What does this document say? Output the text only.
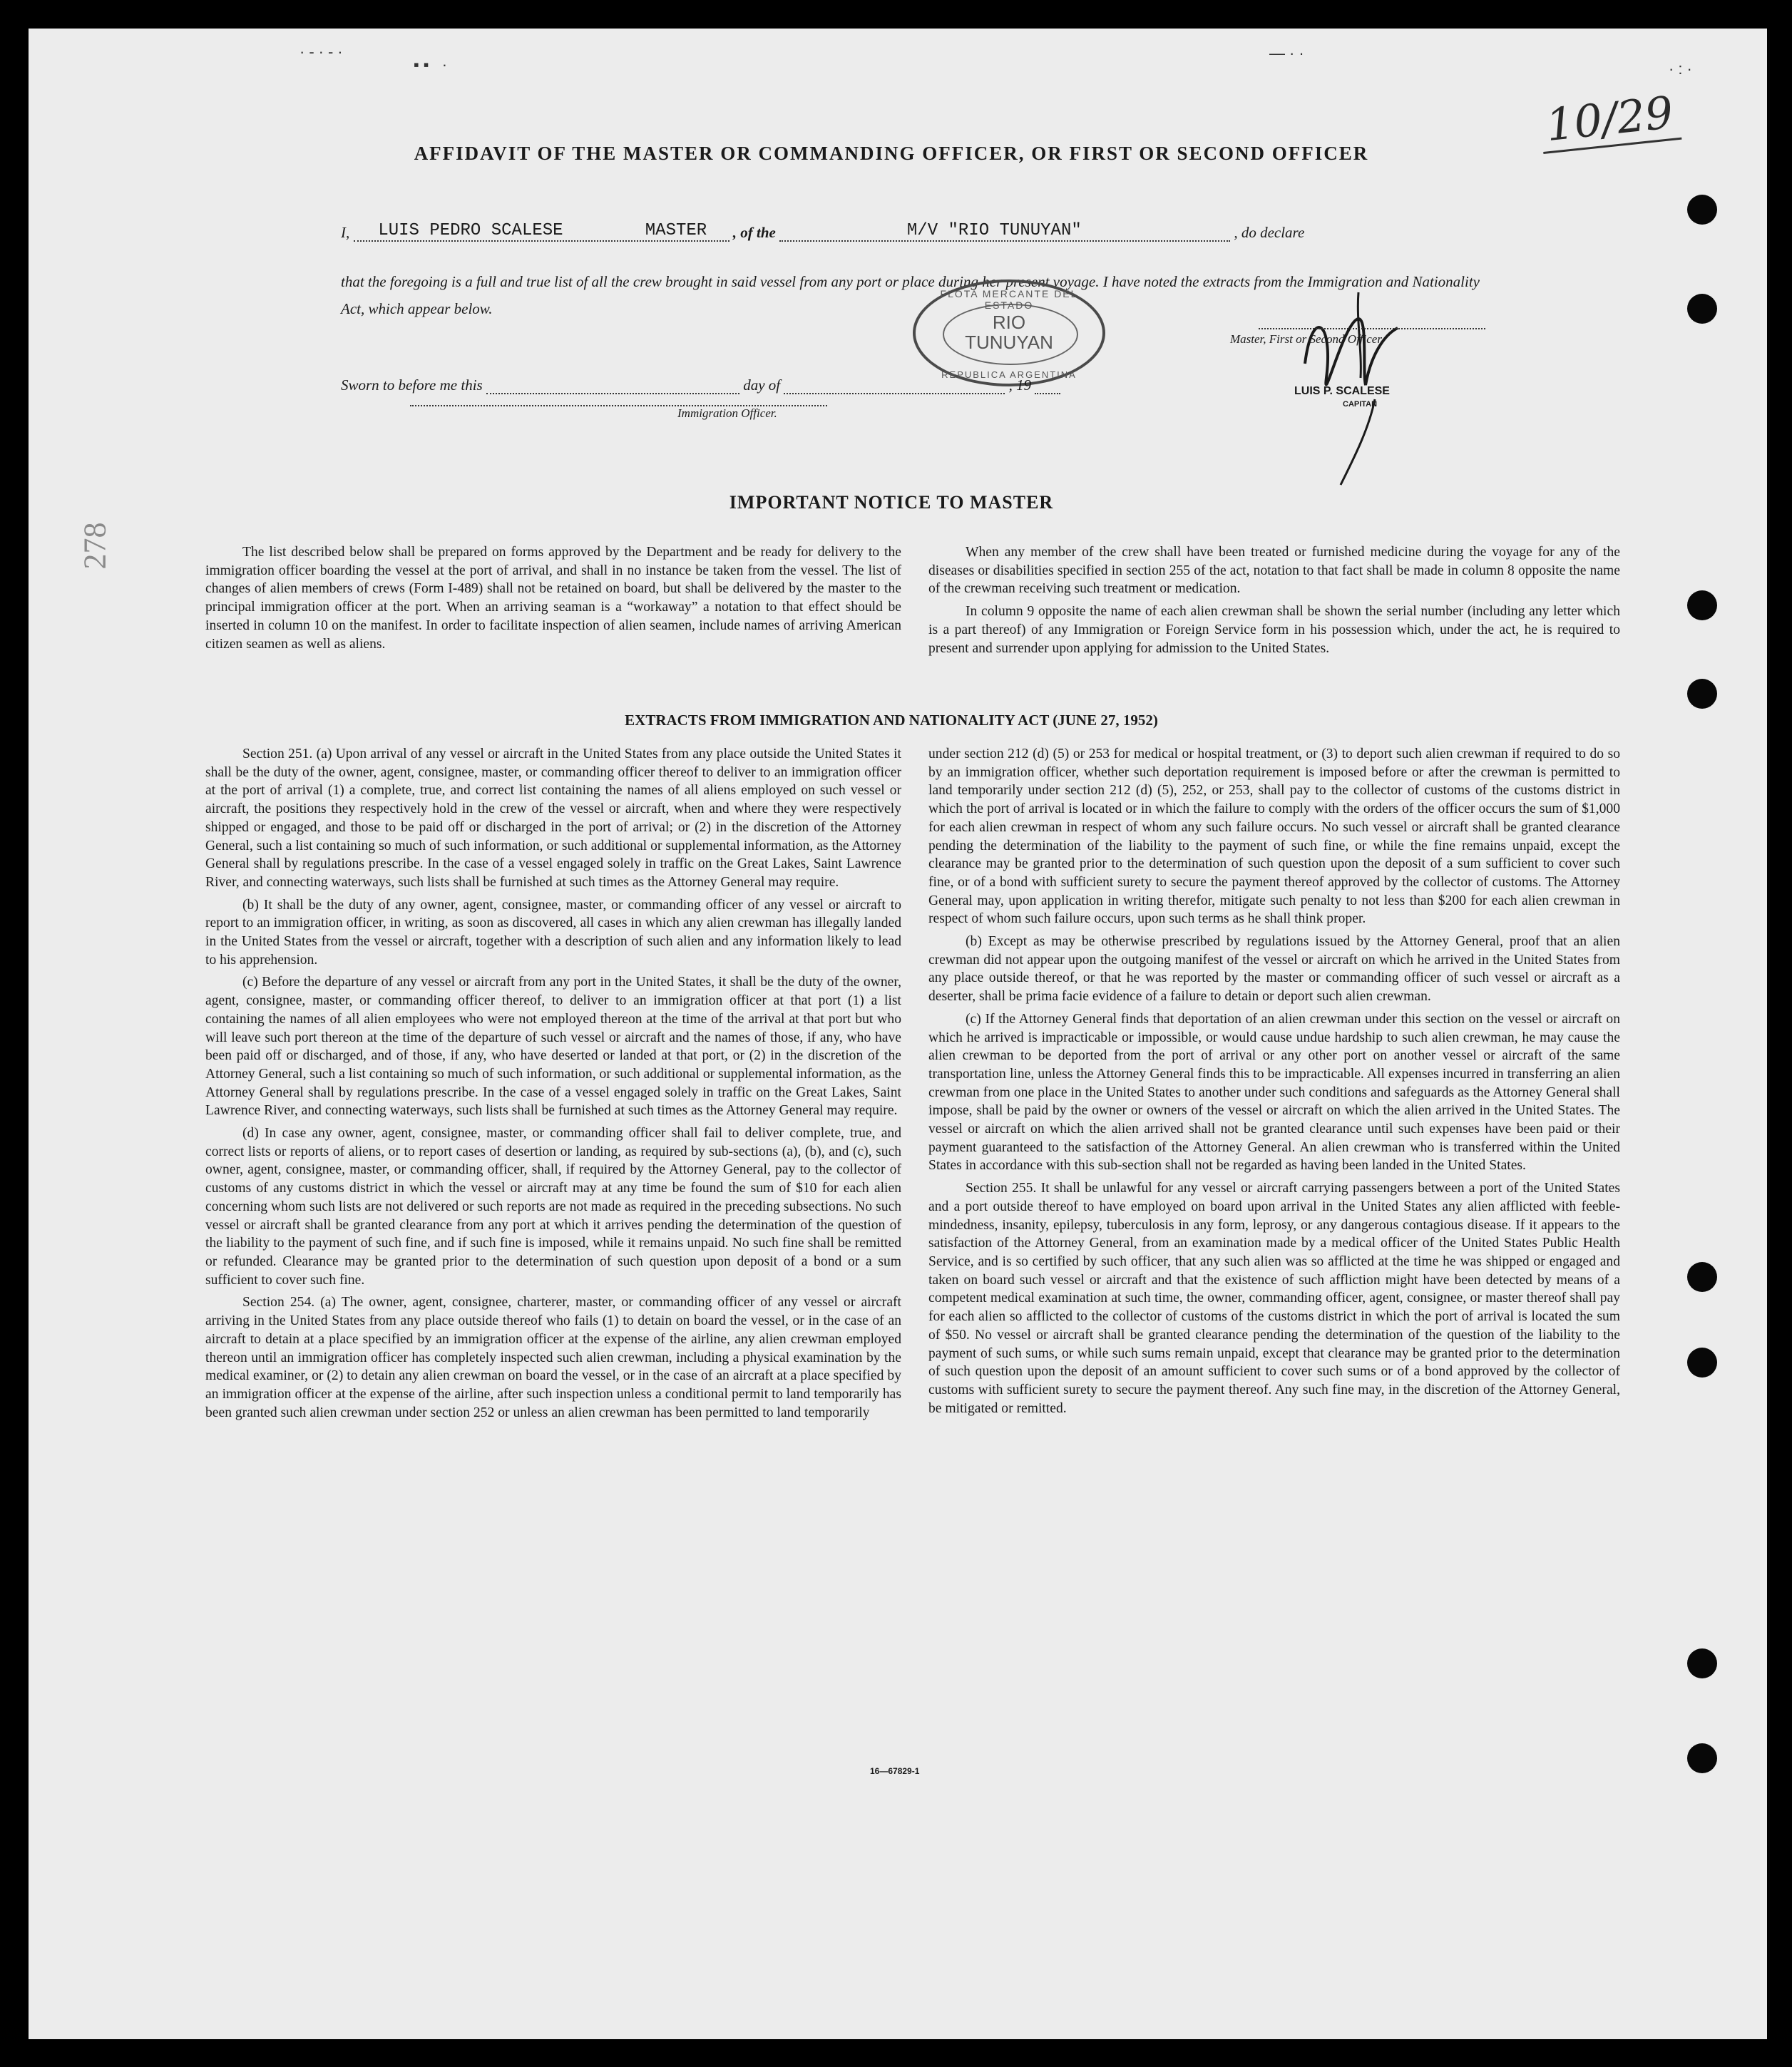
·-·-·
▪▪ ·
―··
·:·
10/29
278
AFFIDAVIT OF THE MASTER OR COMMANDING OFFICER, OR FIRST OR SECOND OFFICER
I, LUIS PEDRO SCALESE	MASTER , of the	M/V "RIO TUNUYAN"	, do declare
that the foregoing is a full and true list of all the crew brought in said vessel from any port or place during her present voyage. I have noted the extracts from the Immigration and Nationality Act, which appear below.
FLOTA MERCANTE DEL ESTADO
RIO
TUNUYAN
REPUBLICA ARGENTINA
Master, First or Second Officer.
LUIS P. SCALESE
CAPITAN
Sworn to before me this	day of	, 19
Immigration Officer.
IMPORTANT NOTICE TO MASTER

The list described below shall be prepared on forms approved by the Department and be ready for delivery to the immigration officer boarding the vessel at the port of arrival, and shall in no instance be taken from the vessel. The list of changes of alien members of crews (Form I-489) shall not be retained on board, but shall be delivered by the master to the principal immigration officer at the port. When an arriving seaman is a “workaway” a notation to that effect should be inserted in column 10 on the manifest. In order to facilitate inspection of alien seamen, include names of arriving American citizen seamen as well as aliens.

When any member of the crew shall have been treated or furnished medicine during the voyage for any of the diseases or disabilities specified in section 255 of the act, notation to that fact shall be made in column 8 opposite the name of the crewman receiving such treatment or medication.

In column 9 opposite the name of each alien crewman shall be shown the serial number (including any letter which is a part thereof) of any Immigration or Foreign Service form in his possession which, under the act, he is required to present and surrender upon applying for admission to the United States.

EXTRACTS FROM IMMIGRATION AND NATIONALITY ACT (JUNE 27, 1952)

Section 251. (a) Upon arrival of any vessel or aircraft in the United States from any place outside the United States it shall be the duty of the owner, agent, consignee, master, or commanding officer thereof to deliver to an immigration officer at the port of arrival (1) a complete, true, and correct list containing the names of all aliens employed on such vessel or aircraft, the positions they respectively hold in the crew of the vessel or aircraft, when and where they were respectively shipped or engaged, and those to be paid off or discharged in the port of arrival; or (2) in the discretion of the Attorney General, such a list containing so much of such information, or such additional or supplemental information, as the Attorney General shall by regulations prescribe. In the case of a vessel engaged solely in traffic on the Great Lakes, Saint Lawrence River, and connecting waterways, such lists shall be furnished at such times as the Attorney General may require.

(b) It shall be the duty of any owner, agent, consignee, master, or commanding officer of any vessel or aircraft to report to an immigration officer, in writing, as soon as discovered, all cases in which any alien crewman has illegally landed in the United States from the vessel or aircraft, together with a description of such alien and any information likely to lead to his apprehension.

(c) Before the departure of any vessel or aircraft from any port in the United States, it shall be the duty of the owner, agent, consignee, master, or commanding officer thereof, to deliver to an immigration officer at that port (1) a list containing the names of all alien employees who were not employed thereon at the time of the arrival at that port but who will leave such port thereon at the time of the departure of such vessel or aircraft and the names of those, if any, who have been paid off or discharged, and of those, if any, who have deserted or landed at that port, or (2) in the discretion of the Attorney General, such a list containing so much of such information, or such additional or supplemental information, as the Attorney General shall by regulations prescribe. In the case of a vessel engaged solely in traffic on the Great Lakes, Saint Lawrence River, and connecting waterways, such lists shall be furnished at such times as the Attorney General may require.

(d) In case any owner, agent, consignee, master, or commanding officer shall fail to deliver complete, true, and correct lists or reports of aliens, or to report cases of desertion or landing, as required by sub-sections (a), (b), and (c), such owner, agent, consignee, master, or commanding officer, shall, if required by the Attorney General, pay to the collector of customs of any customs district in which the vessel or aircraft may at any time be found the sum of $10 for each alien concerning whom such lists are not delivered or such reports are not made as required in the preceding subsections. No such vessel or aircraft shall be granted clearance from any port at which it arrives pending the determination of the question of the liability to the payment of such fine, and if such fine is imposed, while it remains unpaid. No such fine shall be remitted or refunded. Clearance may be granted prior to the determination of such question upon deposit of a bond or a sum sufficient to cover such fine.

Section 254. (a) The owner, agent, consignee, charterer, master, or commanding officer of any vessel or aircraft arriving in the United States from any place outside thereof who fails (1) to detain on board the vessel, or in the case of an aircraft to detain at a place specified by an immigration officer at the expense of the airline, any alien crewman employed thereon until an immigration officer has completely inspected such alien crewman, including a physical examination by the medical examiner, or (2) to detain any alien crewman on board the vessel, or in the case of an aircraft at a place specified by an immigration officer at the expense of the airline, after such inspection unless a conditional permit to land temporarily has been granted such alien crewman under section 252 or unless an alien crewman has been permitted to land temporarily

under section 212 (d) (5) or 253 for medical or hospital treatment, or (3) to deport such alien crewman if required to do so by an immigration officer, whether such deportation requirement is imposed before or after the crewman is permitted to land temporarily under section 212 (d) (5), 252, or 253, shall pay to the collector of customs of the customs district in which the port of arrival is located or in which the failure to comply with the orders of the officer occurs the sum of $1,000 for each alien crewman in respect of whom any such failure occurs. No such vessel or aircraft shall be granted clearance pending the determination of the liability to the payment of such fine, or while the fine remains unpaid, except the clearance may be granted prior to the determination of such question upon the deposit of a sum sufficient to cover such fine, or of a bond with sufficient surety to secure the payment thereof approved by the collector of customs. The Attorney General may, upon application in writing therefor, mitigate such penalty to not less than $200 for each alien crewman in respect of whom such failure occurs, upon such terms as he shall think proper.

(b) Except as may be otherwise prescribed by regulations issued by the Attorney General, proof that an alien crewman did not appear upon the outgoing manifest of the vessel or aircraft on which he arrived in the United States from any place outside thereof, or that he was reported by the master or commanding officer of such vessel or aircraft as a deserter, shall be prima facie evidence of a failure to detain or deport such alien crewman.

(c) If the Attorney General finds that deportation of an alien crewman under this section on the vessel or aircraft on which he arrived is impracticable or impossible, or would cause undue hardship to such alien crewman, he may cause the alien crewman to be deported from the port of arrival or any other port on another vessel or aircraft of the same transportation line, unless the Attorney General finds this to be impracticable. All expenses incurred in transferring an alien crewman from one place in the United States to another under such conditions and safeguards as the Attorney General shall impose, shall be paid by the owner or owners of the vessel or aircraft on which the alien arrived in the United States. The vessel or aircraft on which the alien arrived shall not be granted clearance until such expenses have been paid or their payment guaranteed to the satisfaction of the Attorney General. An alien crewman who is transferred within the United States in accordance with this sub-section shall not be regarded as having been landed in the United States.

Section 255. It shall be unlawful for any vessel or aircraft carrying passengers between a port of the United States and a port outside thereof to have employed on board upon arrival in the United States any alien afflicted with feeble-mindedness, insanity, epilepsy, tuberculosis in any form, leprosy, or any dangerous contagious disease. If it appears to the satisfaction of the Attorney General, from an examination made by a medical officer of the United States Public Health Service, and is so certified by such officer, that any such alien was so afflicted at the time he was shipped or engaged and taken on board such vessel or aircraft and that the existence of such affliction might have been detected by means of a competent medical examination at such time, the owner, commanding officer, agent, consignee, or master thereof shall pay for each alien so afflicted to the collector of customs of the customs district in which the port of arrival is located the sum of $50. No vessel or aircraft shall be granted clearance pending the determination of the question of the liability to the payment of such sums, or while such sums remain unpaid, except that clearance may be granted prior to the determination of such question upon the deposit of an amount sufficient to cover such sums or of a bond approved by the collector of customs with sufficient surety to secure the payment thereof. Any such fine may, in the discretion of the Attorney General, be mitigated or remitted.

16—67829-1
